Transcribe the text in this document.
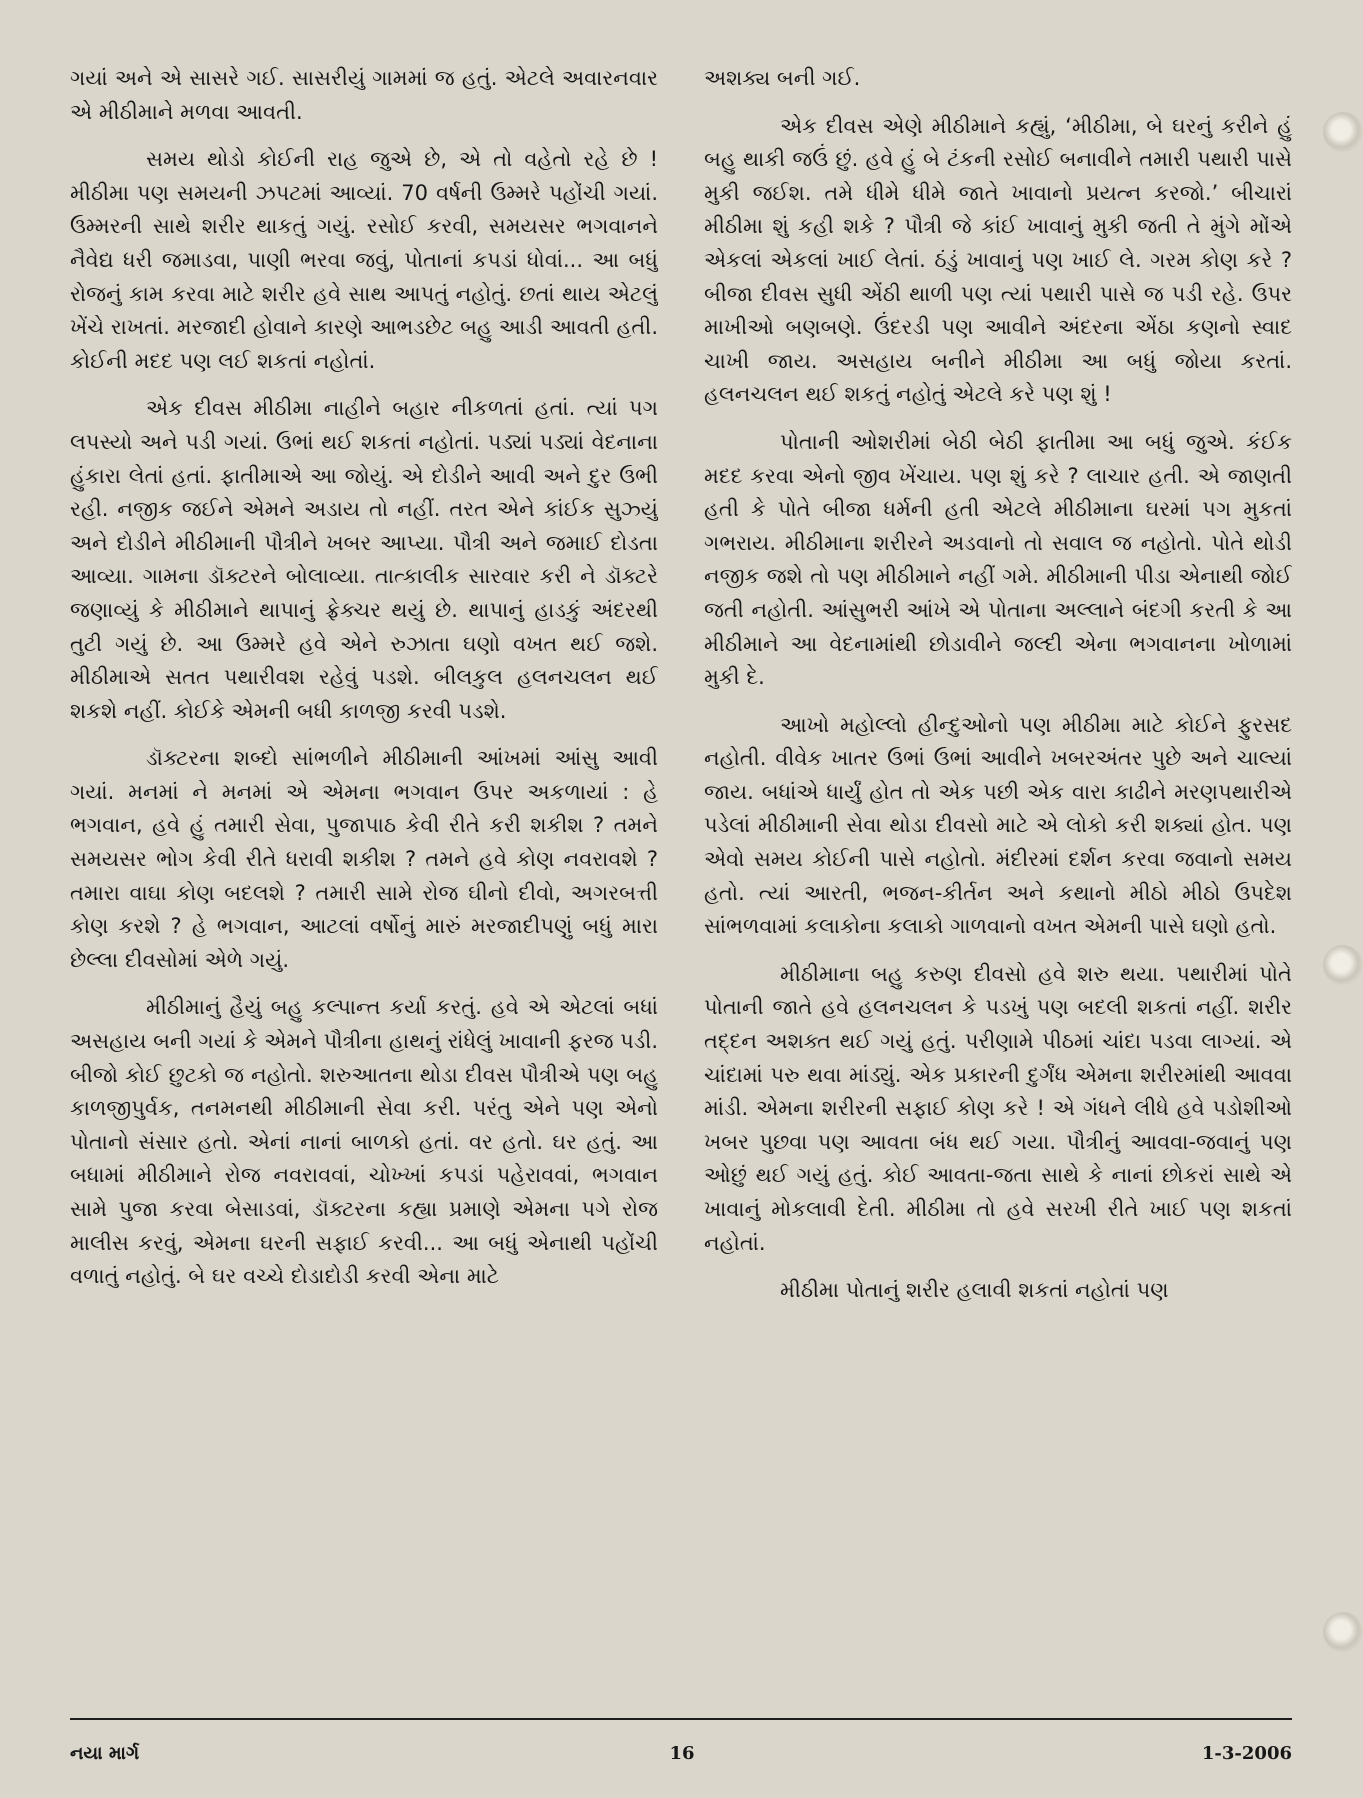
ગયાં અને એ સાસરે ગઈ. સાસરીયું ગામમાં જ હતું. એટલે અવારનવાર એ મીઠીમાને મળવા આવતી.

સમય થોડો કોઈની રાહ જુએ છે, એ તો વહેતો રહે છે ! મીઠીમા પણ સમયની ઝપટમાં આવ્યાં. 70 વર્ષની ઉમ્મરે પહોંચી ગયાં. ઉમ્મરની સાથે શરીર થાકતું ગયું. રસોઈ કરવી, સમયસર ભગવાનને નૈવેદ્ય ધરી જમાડવા, પાણી ભરવા જવું, પોતાનાં કપડાં ધોવાં... આ બધું રોજનું કામ કરવા માટે શરીર હવે સાથ આપતું નહોતું. છતાં થાય એટલું ખેંચે રાખતાં. મરજાદી હોવાને કારણે આભડછેટ બહુ આડી આવતી હતી. કોઈની મદદ પણ લઈ શકતાં નહોતાં.

એક દીવસ મીઠીમા નાહીને બહાર નીકળતાં હતાં. ત્યાં પગ લપસ્યો અને પડી ગયાં. ઉભાં થઈ શકતાં નહોતાં. પડ્યાં પડ્યાં વેદનાના હુંકારા લેતાં હતાં. ફાતીમાએ આ જોયું. એ દોડીને આવી અને દુર ઉભી રહી. નજીક જઈને એમને અડાય તો નહીં. તરત એને કાંઈક સુઝ્યું અને દોડીને મીઠીમાની પૌત્રીને ખબર આપ્યા. પૌત્રી અને જમાઈ દોડતા આવ્યા. ગામના ડૉક્ટરને બોલાવ્યા. તાત્કાલીક સારવાર કરી ને ડૉક્ટરે જણાવ્યું કે મીઠીમાને થાપાનું ફ્રેક્ચર થયું છે. થાપાનું હાડકું અંદરથી તુટી ગયું છે. આ ઉમ્મરે હવે એને રુઝાતા ઘણો વખત થઈ જશે. મીઠીમાએ સતત પથારીવશ રહેવું પડશે. બીલકુલ હલનચલન થઈ શકશે નહીં. કોઈકે એમની બધી કાળજી કરવી પડશે.

ડૉક્ટરના શબ્દો સાંભળીને મીઠીમાની આંખમાં આંસુ આવી ગયાં. મનમાં ને મનમાં એ એમના ભગવાન ઉપર અકળાયાં : હે ભગવાન, હવે હું તમારી સેવા, પુજાપાઠ કેવી રીતે કરી શકીશ ? તમને સમયસર ભોગ કેવી રીતે ધરાવી શકીશ ? તમને હવે કોણ નવરાવશે ? તમારા વાઘા કોણ બદલશે ? તમારી સામે રોજ ઘીનો દીવો, અગરબત્તી કોણ કરશે ? હે ભગવાન, આટલાં વર્ષોનું મારું મરજાદીપણું બધું મારા છેલ્લા દીવસોમાં એળે ગયું.

મીઠીમાનું હૈયું બહુ કલ્પાન્ત કર્યા કરતું. હવે એ એટલાં બધાં અસહાય બની ગયાં કે એમને પૌત્રીના હાથનું રાંધેલું ખાવાની ફરજ પડી. બીજો કોઈ છુટકો જ નહોતો. શરુઆતના થોડા દીવસ પૌત્રીએ પણ બહુ કાળજીપુર્વક, તનમનથી મીઠીમાની સેવા કરી. પરંતુ એને પણ એનો પોતાનો સંસાર હતો. એનાં નાનાં બાળકો હતાં. વર હતો. ઘર હતું. આ બધામાં મીઠીમાને રોજ નવરાવવાં, ચોખ્ખાં કપડાં પહેરાવવાં, ભગવાન સામે પુજા કરવા બેસાડવાં, ડૉક્ટરના કહ્યા પ્રમાણે એમના પગે રોજ માલીસ કરવું, એમના ઘરની સફાઈ કરવી... આ બધું એનાથી પહોંચી વળાતું નહોતું. બે ઘર વચ્ચે દોડાદોડી કરવી એના માટે

અશક્ય બની ગઈ.

એક દીવસ એણે મીઠીમાને કહ્યું, ‘મીઠીમા, બે ઘરનું કરીને હું બહુ થાકી જઉં છું. હવે હું બે ટંકની રસોઈ બનાવીને તમારી પથારી પાસે મુકી જઈશ. તમે ધીમે ધીમે જાતે ખાવાનો પ્રયત્ન કરજો.’ બીચારાં મીઠીમા શું કહી શકે ? પૌત્રી જે કાંઈ ખાવાનું મુકી જતી તે મુંગે મોંએ એકલાં એકલાં ખાઈ લેતાં. ઠંડું ખાવાનું પણ ખાઈ લે. ગરમ કોણ કરે ? બીજા દીવસ સુધી એંઠી થાળી પણ ત્યાં પથારી પાસે જ પડી રહે. ઉપર માખીઓ બણબણે. ઉંદરડી પણ આવીને અંદરના એંઠા કણનો સ્વાદ ચાખી જાય. અસહાય બનીને મીઠીમા આ બધું જોયા કરતાં. હલનચલન થઈ શકતું નહોતું એટલે કરે પણ શું !

પોતાની ઓશરીમાં બેઠી બેઠી ફાતીમા આ બધું જુએ. કંઈક મદદ કરવા એનો જીવ ખેંચાય. પણ શું કરે ? લાચાર હતી. એ જાણતી હતી કે પોતે બીજા ધર્મની હતી એટલે મીઠીમાના ઘરમાં પગ મુકતાં ગભરાય. મીઠીમાના શરીરને અડવાનો તો સવાલ જ નહોતો. પોતે થોડી નજીક જશે તો પણ મીઠીમાને નહીં ગમે. મીઠીમાની પીડા એનાથી જોઈ જતી નહોતી. આંસુભરી આંખે એ પોતાના અલ્લાને બંદગી કરતી કે આ મીઠીમાને આ વેદનામાંથી છોડાવીને જલ્દી એના ભગવાનના ખોળામાં મુકી દે.

આખો મહોલ્લો હીન્દુઓનો પણ મીઠીમા માટે કોઈને ફુરસદ નહોતી. વીવેક ખાતર ઉભાં ઉભાં આવીને ખબરઅંતર પુછે અને ચાલ્યાં જાય. બધાંએ ધાર્યું હોત તો એક પછી એક વારા કાઢીને મરણપથારીએ પડેલાં મીઠીમાની સેવા થોડા દીવસો માટે એ લોકો કરી શક્યાં હોત. પણ એવો સમય કોઈની પાસે નહોતો. મંદીરમાં દર્શન કરવા જવાનો સમય હતો. ત્યાં આરતી, ભજન-કીર્તન અને કથાનો મીઠો મીઠો ઉપદેશ સાંભળવામાં કલાકોના કલાકો ગાળવાનો વખત એમની પાસે ઘણો હતો.

મીઠીમાના બહુ કરુણ દીવસો હવે શરુ થયા. પથારીમાં પોતે પોતાની જાતે હવે હલનચલન કે પડખું પણ બદલી શકતાં નહીં. શરીર તદ્દન અશક્ત થઈ ગયું હતું. પરીણામે પીઠમાં ચાંદા પડવા લાગ્યાં. એ ચાંદામાં પરુ થવા માંડ્યું. એક પ્રકારની દુર્ગંધ એમના શરીરમાંથી આવવા માંડી. એમના શરીરની સફાઈ કોણ કરે ! એ ગંધને લીધે હવે પડોશીઓ ખબર પુછવા પણ આવતા બંધ થઈ ગયા. પૌત્રીનું આવવા-જવાનું પણ ઓછું થઈ ગયું હતું. કોઈ આવતા-જતા સાથે કે નાનાં છોકરાં સાથે એ ખાવાનું મોકલાવી દેતી. મીઠીમા તો હવે સરખી રીતે ખાઈ પણ શકતાં નહોતાં.

મીઠીમા પોતાનું શરીર હલાવી શકતાં નહોતાં પણ

નયા માર્ગ	16	1-3-2006
